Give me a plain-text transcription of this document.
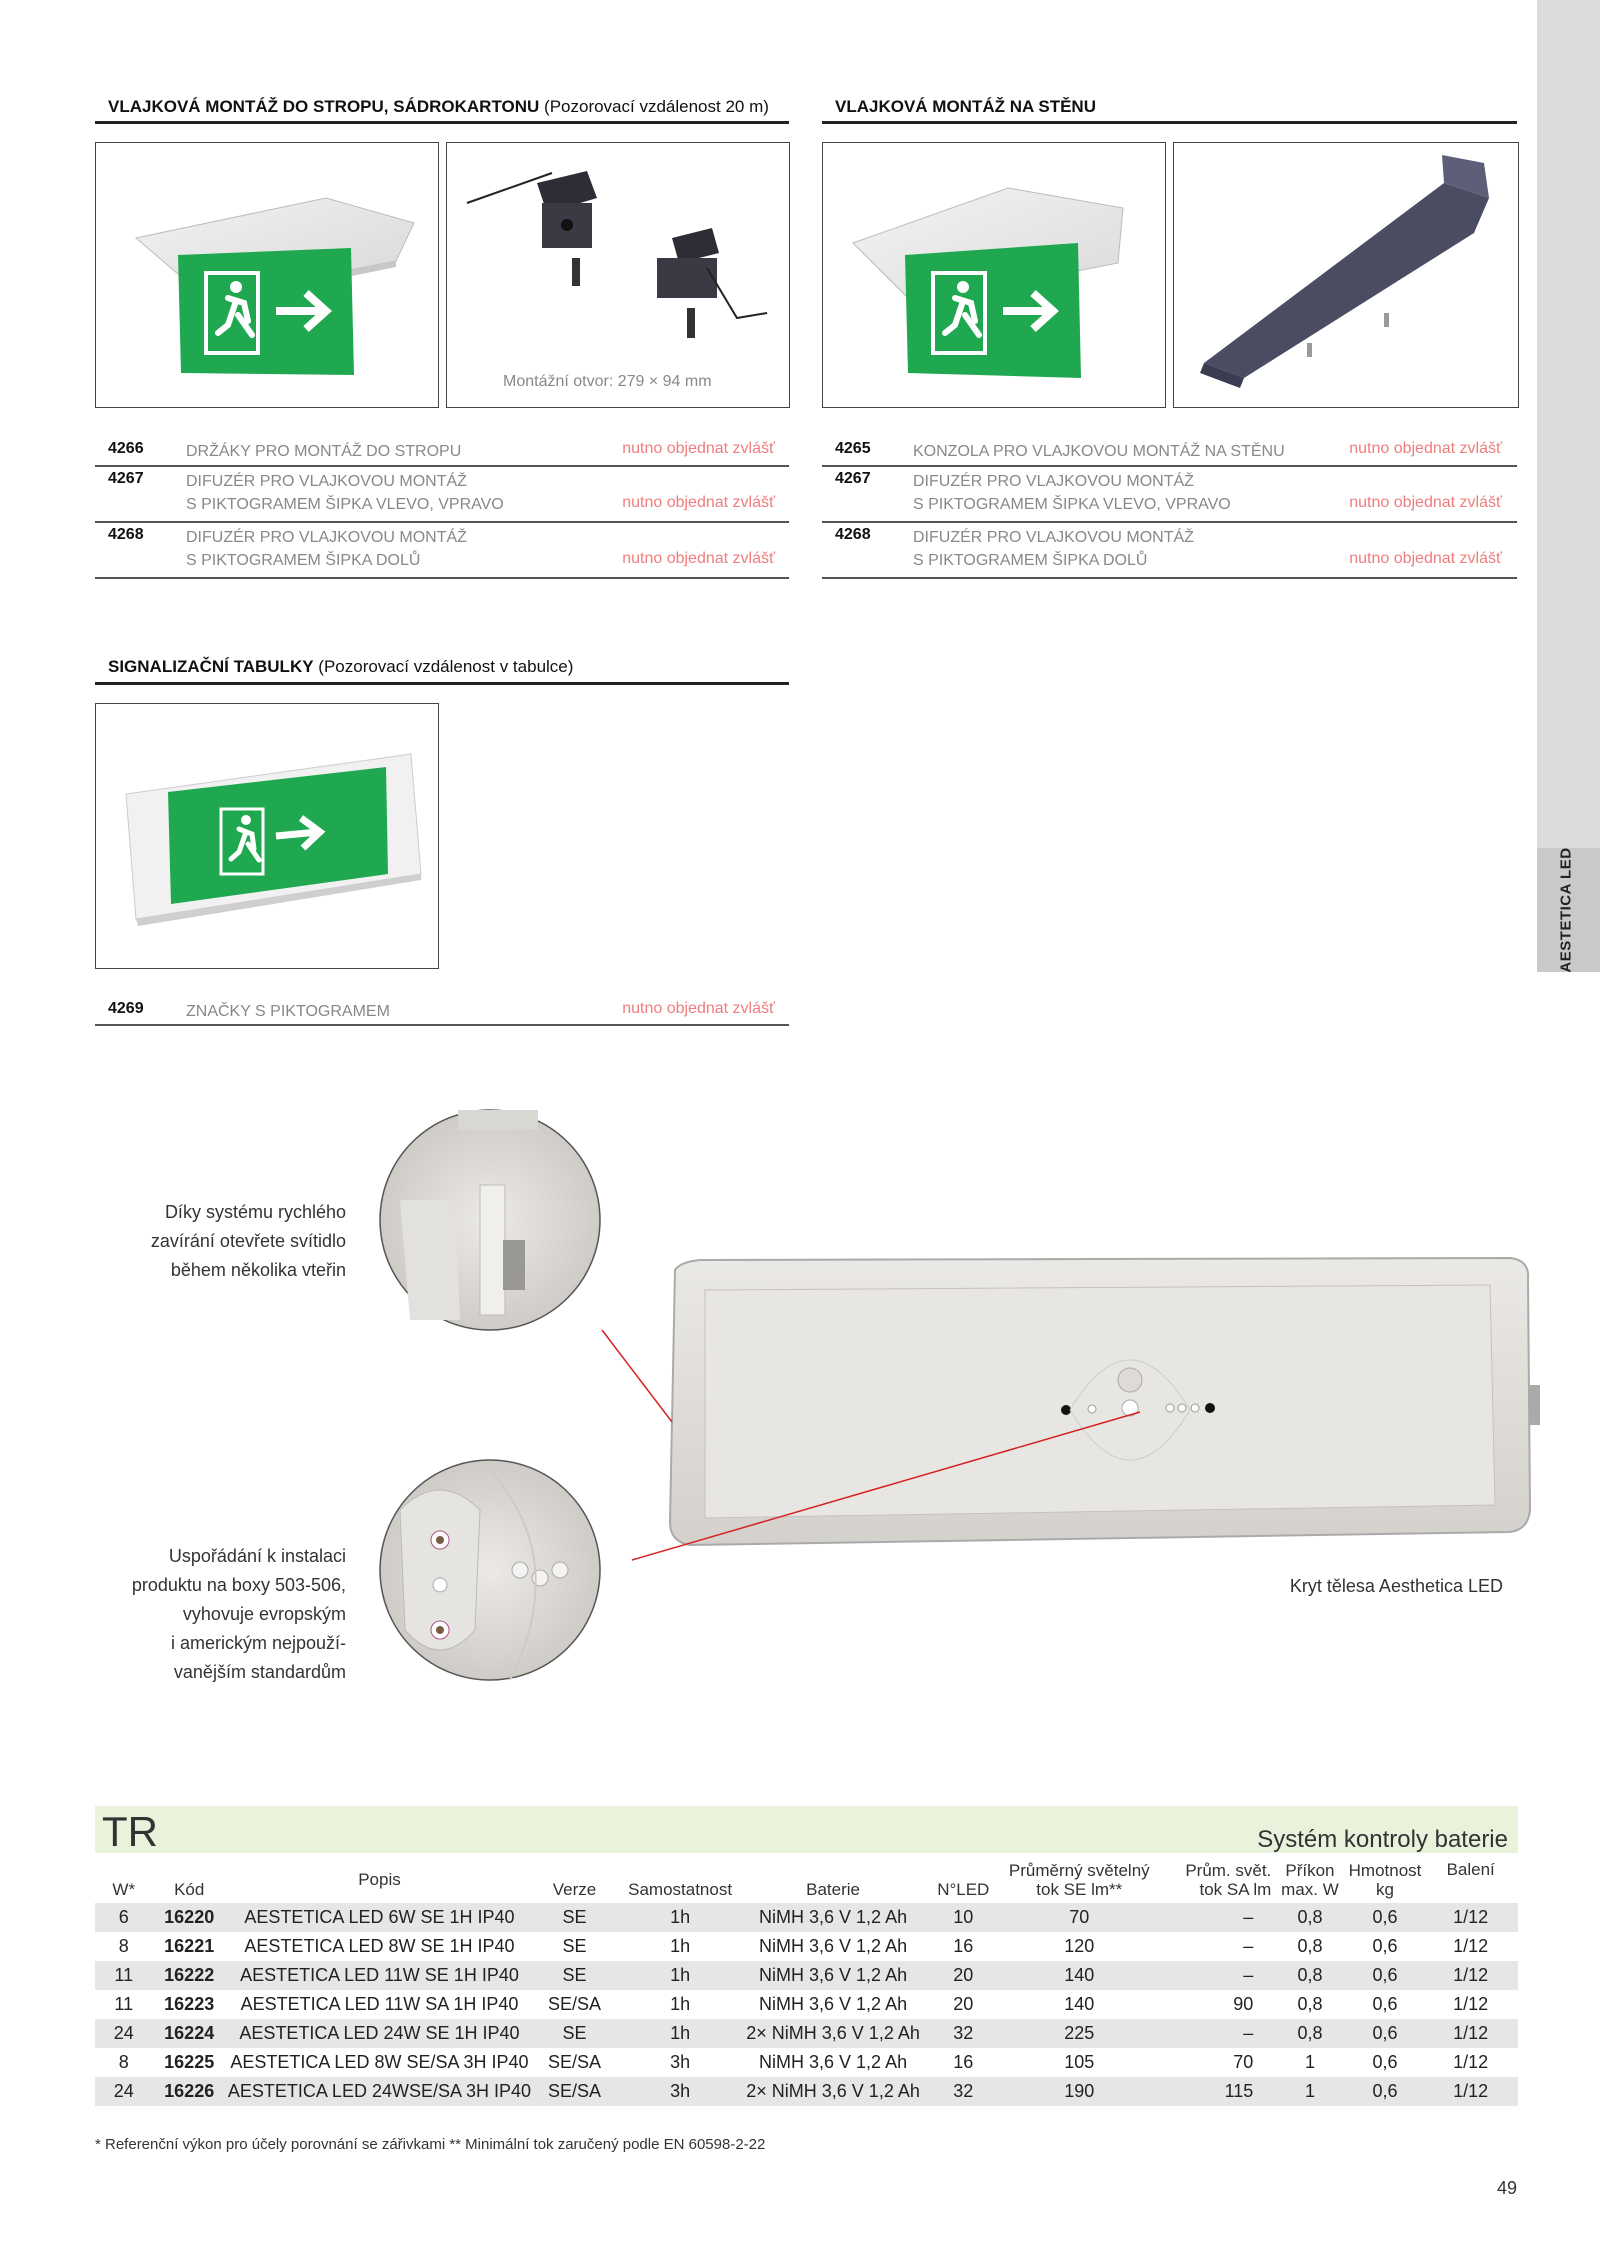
AESTETICA LED
VLAJKOVÁ MONTÁŽ DO STROPU, SÁDROKARTONU (Pozorovací vzdálenost 20 m)	VLAJKOVÁ MONTÁŽ NA STĚNU
Montážní otvor: 279 × 94 mm
4266	DRŽÁKY PRO MONTÁŽ DO STROPU	nutno objednat zvlášť
4267	DIFUZÉR PRO VLAJKOVOU MONTÁŽ
S PIKTOGRAMEM ŠIPKA VLEVO, VPRAVO	nutno objednat zvlášť
4268	DIFUZÉR PRO VLAJKOVOU MONTÁŽ
S PIKTOGRAMEM ŠIPKA DOLŮ	nutno objednat zvlášť
4265	KONZOLA PRO VLAJKOVOU MONTÁŽ NA STĚNU	nutno objednat zvlášť
4267	DIFUZÉR PRO VLAJKOVOU MONTÁŽ
S PIKTOGRAMEM ŠIPKA VLEVO, VPRAVO	nutno objednat zvlášť
4268	DIFUZÉR PRO VLAJKOVOU MONTÁŽ
S PIKTOGRAMEM ŠIPKA DOLŮ	nutno objednat zvlášť
SIGNALIZAČNÍ TABULKY (Pozorovací vzdálenost v tabulce)
4269	ZNAČKY S PIKTOGRAMEM	nutno objednat zvlášť
Díky systému rychlého
zavírání otevřete svítidlo
během několika vteřin
Uspořádání k instalaci
produktu na boxy 503-506,
vyhovuje evropským
i americkým nejpouží-
vanějším standardům
Kryt tělesa Aesthetica LED
TR	Systém kontroly baterie
W*	Kód	Popis	Verze	Samostatnost	Baterie	N°LED	Průměrný světelný
tok SE lm**	Prům. svět.
tok SA lm	Příkon
max. W	Hmotnost
kg	Balení
6	16220	AESTETICA LED 6W SE 1H IP40	SE	1h	NiMH 3,6 V 1,2 Ah	10	70	–	0,8	0,6	1/12
8	16221	AESTETICA LED 8W SE 1H IP40	SE	1h	NiMH 3,6 V 1,2 Ah	16	120	–	0,8	0,6	1/12
11	16222	AESTETICA LED 11W SE 1H IP40	SE	1h	NiMH 3,6 V 1,2 Ah	20	140	–	0,8	0,6	1/12
11	16223	AESTETICA LED 11W SA 1H IP40	SE/SA	1h	NiMH 3,6 V 1,2 Ah	20	140	90	0,8	0,6	1/12
24	16224	AESTETICA LED 24W SE 1H IP40	SE	1h	2× NiMH 3,6 V 1,2 Ah	32	225	–	0,8	0,6	1/12
8	16225	AESTETICA LED 8W SE/SA 3H IP40	SE/SA	3h	NiMH 3,6 V 1,2 Ah	16	105	70	1	0,6	1/12
24	16226	AESTETICA LED 24WSE/SA 3H IP40	SE/SA	3h	2× NiMH 3,6 V 1,2 Ah	32	190	115	1	0,6	1/12
* Referenční výkon pro účely porovnání se zářivkami ** Minimální tok zaručený podle EN 60598-2-22
49
